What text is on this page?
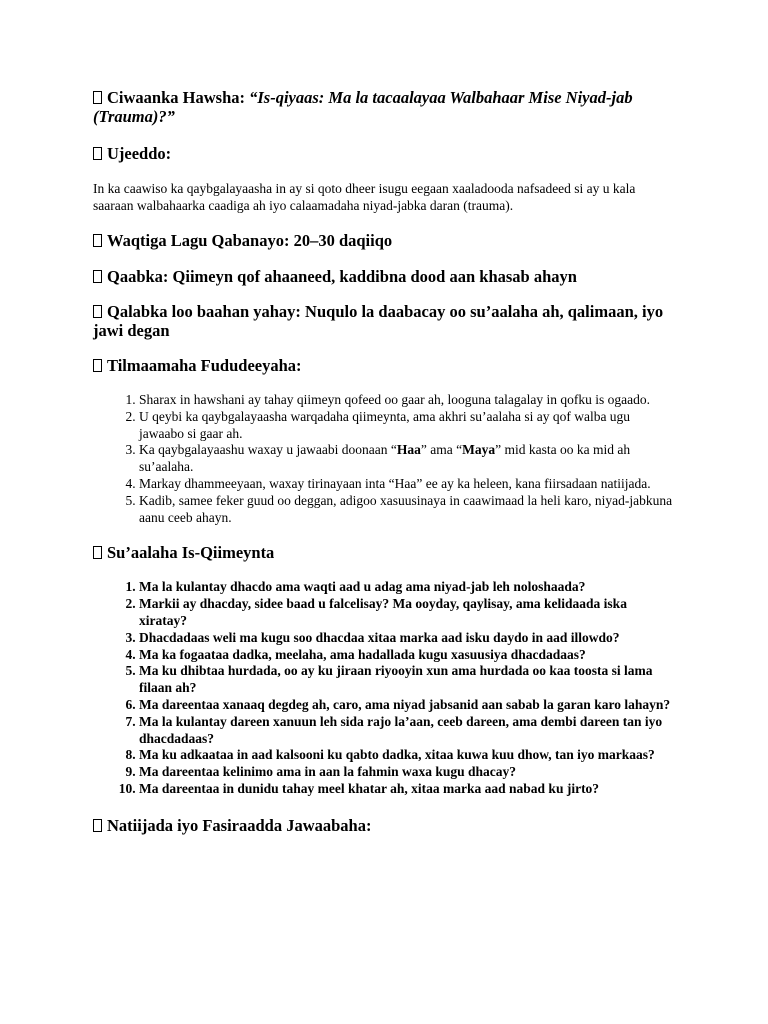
Ciwaanka Hawsha: “Is-qiyaas: Ma la tacaalayaa Walbahaar Mise Niyad-jab (Trauma)?”

Ujeeddo:

In ka caawiso ka qaybgalayaasha in ay si qoto dheer isugu eegaan xaaladooda nafsadeed si ay u kala saaraan walbahaarka caadiga ah iyo calaamadaha niyad-jabka daran (trauma).

Waqtiga Lagu Qabanayo: 20–30 daqiiqo

Qaabka: Qiimeyn qof ahaaneed, kaddibna dood aan khasab ahayn

Qalabka loo baahan yahay: Nuqulo la daabacay oo su’aalaha ah, qalimaan, iyo jawi degan

Tilmaamaha Fududeeyaha:

1. Sharax in hawshani ay tahay qiimeyn qofeed oo gaar ah, looguna talagalay in qofku is ogaado.
2. U qeybi ka qaybgalayaasha warqadaha qiimeynta, ama akhri su’aalaha si ay qof walba ugu jawaabo si gaar ah.
3. Ka qaybgalayaashu waxay u jawaabi doonaan “Haa” ama “Maya” mid kasta oo ka mid ah su’aalaha.
4. Markay dhammeeyaan, waxay tirinayaan inta “Haa” ee ay ka heleen, kana fiirsadaan natiijada.
5. Kadib, samee feker guud oo deggan, adigoo xasuusinaya in caawimaad la heli karo, niyad-jabkuna aanu ceeb ahayn.

Su’aalaha Is-Qiimeynta

1. Ma la kulantay dhacdo ama waqti aad u adag ama niyad-jab leh noloshaada?
2. Markii ay dhacday, sidee baad u falcelisay? Ma ooyday, qaylisay, ama kelidaada iska xiratay?
3. Dhacdadaas weli ma kugu soo dhacdaa xitaa marka aad isku daydo in aad illowdo?
4. Ma ka fogaataa dadka, meelaha, ama hadallada kugu xasuusiya dhacdadaas?
5. Ma ku dhibtaa hurdada, oo ay ku jiraan riyooyin xun ama hurdada oo kaa toosta si lama filaan ah?
6. Ma dareentaa xanaaq degdeg ah, caro, ama niyad jabsanid aan sabab la garan karo lahayn?
7. Ma la kulantay dareen xanuun leh sida rajo la’aan, ceeb dareen, ama dembi dareen tan iyo dhacdadaas?
8. Ma ku adkaataa in aad kalsooni ku qabto dadka, xitaa kuwa kuu dhow, tan iyo markaas?
9. Ma dareentaa kelinimo ama in aan la fahmin waxa kugu dhacay?
10. Ma dareentaa in dunidu tahay meel khatar ah, xitaa marka aad nabad ku jirto?

Natiijada iyo Fasiraadda Jawaabaha:
